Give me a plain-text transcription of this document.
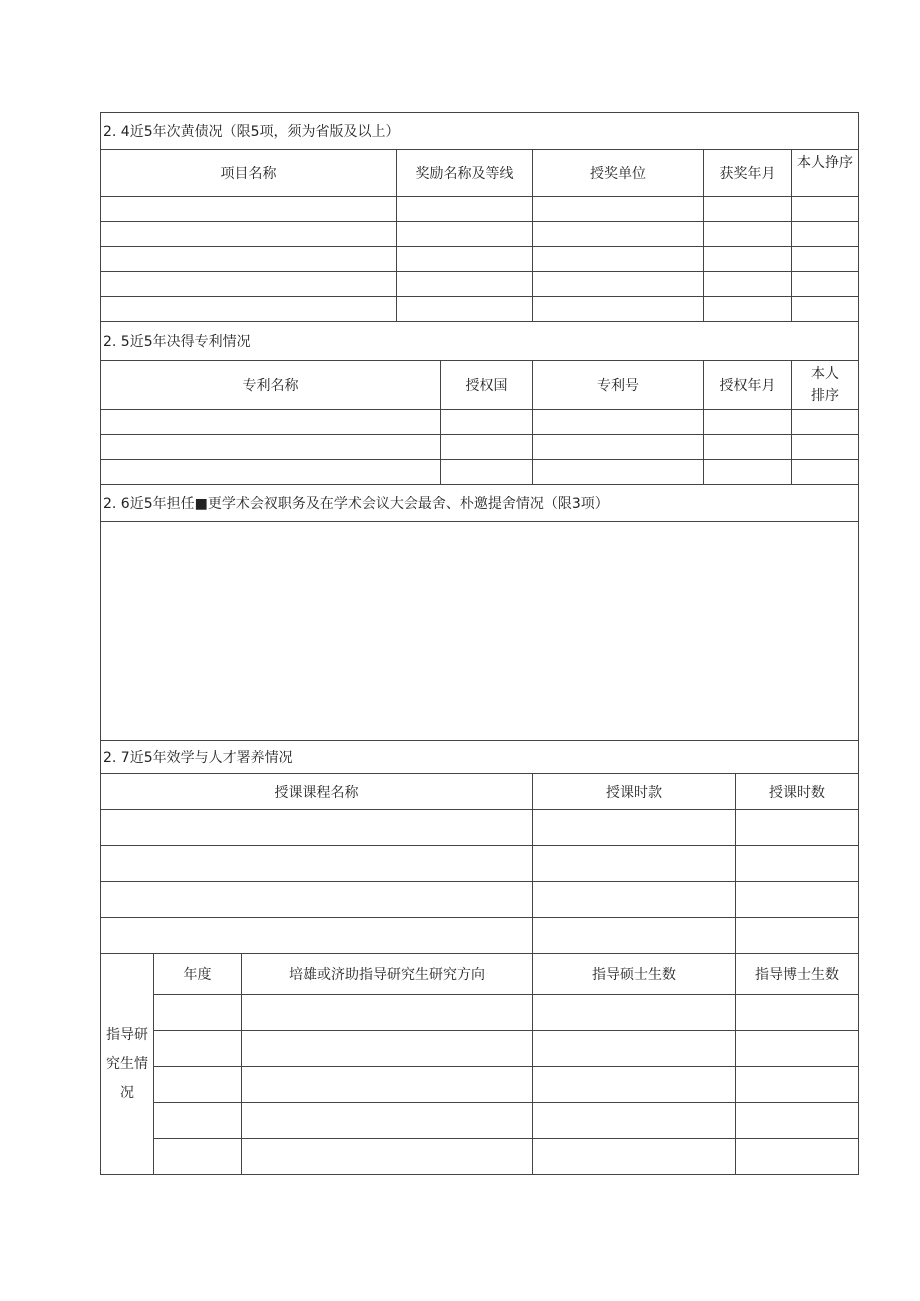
2. 4近5年次黄债况（限5项，须为省版及以上）				
项目名称	奖励名称及等线	授奖单位	获奖年月	本人挣序

2. 5近5年决得专利情况				
专利名称	授权国	专利号	授权年月	本人
排序

2. 6近5年担任■更学术会衩职务及在学术会议大会最舍、朴邀提舍情况（限3项）

2. 7近5年效学与人才署养情况				
授课课程名称			授课时款	授课时数

指导研
究生情
况	年度	培雄或济助指导研究生研究方向	指导硕士生数	指导博士生数
